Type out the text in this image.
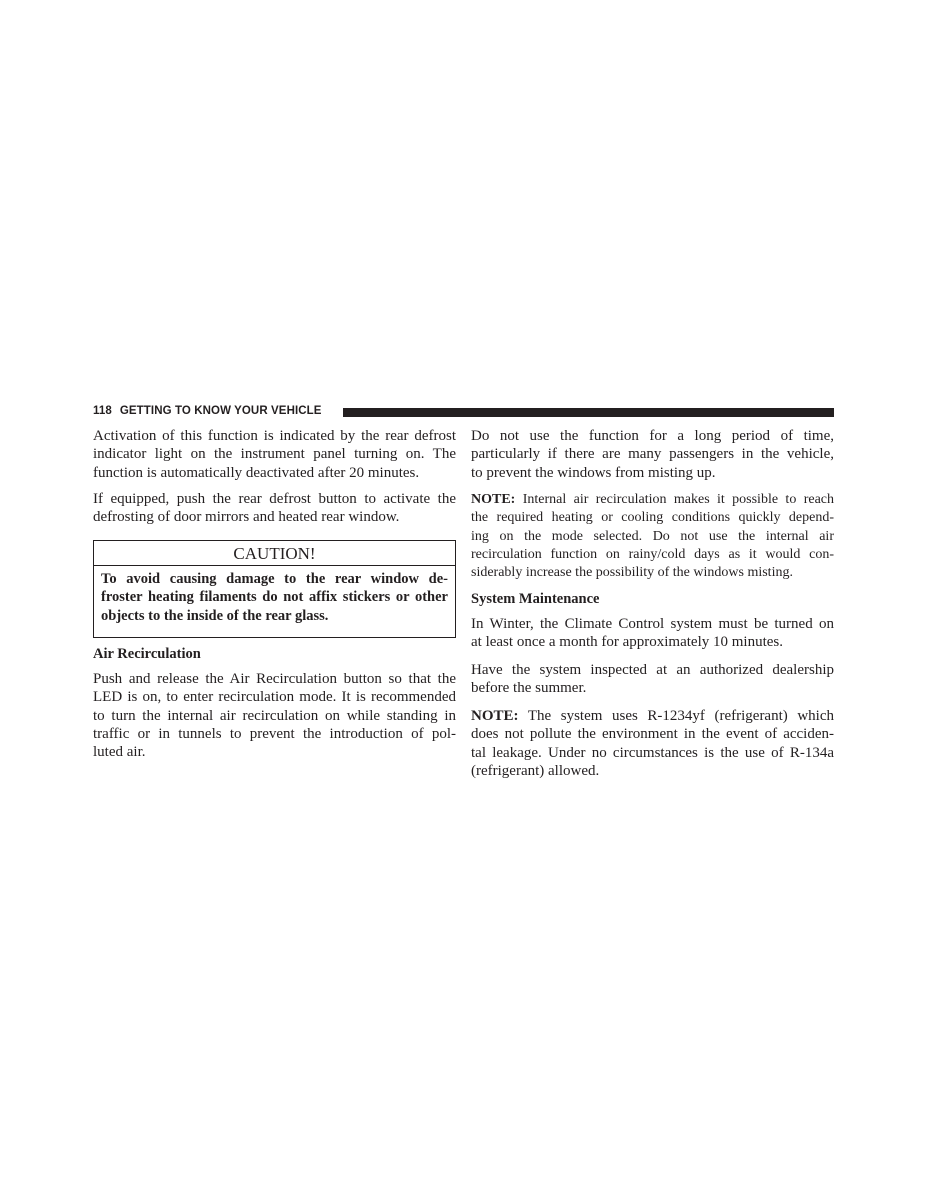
118 GETTING TO KNOW YOUR VEHICLE
Activation of this function is indicated by the rear defrost
indicator light on the instrument panel turning on. The
function is automatically deactivated after 20 minutes.
If equipped, push the rear defrost button to activate the
defrosting of door mirrors and heated rear window.
CAUTION!
To avoid causing damage to the rear window de-
froster heating filaments do not affix stickers or other
objects to the inside of the rear glass.
Air Recirculation
Push and release the Air Recirculation button so that the
LED is on, to enter recirculation mode. It is recommended
to turn the internal air recirculation on while standing in
traffic or in tunnels to prevent the introduction of pol-
luted air.
Do not use the function for a long period of time,
particularly if there are many passengers in the vehicle,
to prevent the windows from misting up.
NOTE: Internal air recirculation makes it possible to reach
the required heating or cooling conditions quickly depend-
ing on the mode selected. Do not use the internal air
recirculation function on rainy/cold days as it would con-
siderably increase the possibility of the windows misting.
System Maintenance
In Winter, the Climate Control system must be turned on
at least once a month for approximately 10 minutes.
Have the system inspected at an authorized dealership
before the summer.
NOTE: The system uses R-1234yf (refrigerant) which
does not pollute the environment in the event of acciden-
tal leakage. Under no circumstances is the use of R-134a
(refrigerant) allowed.
